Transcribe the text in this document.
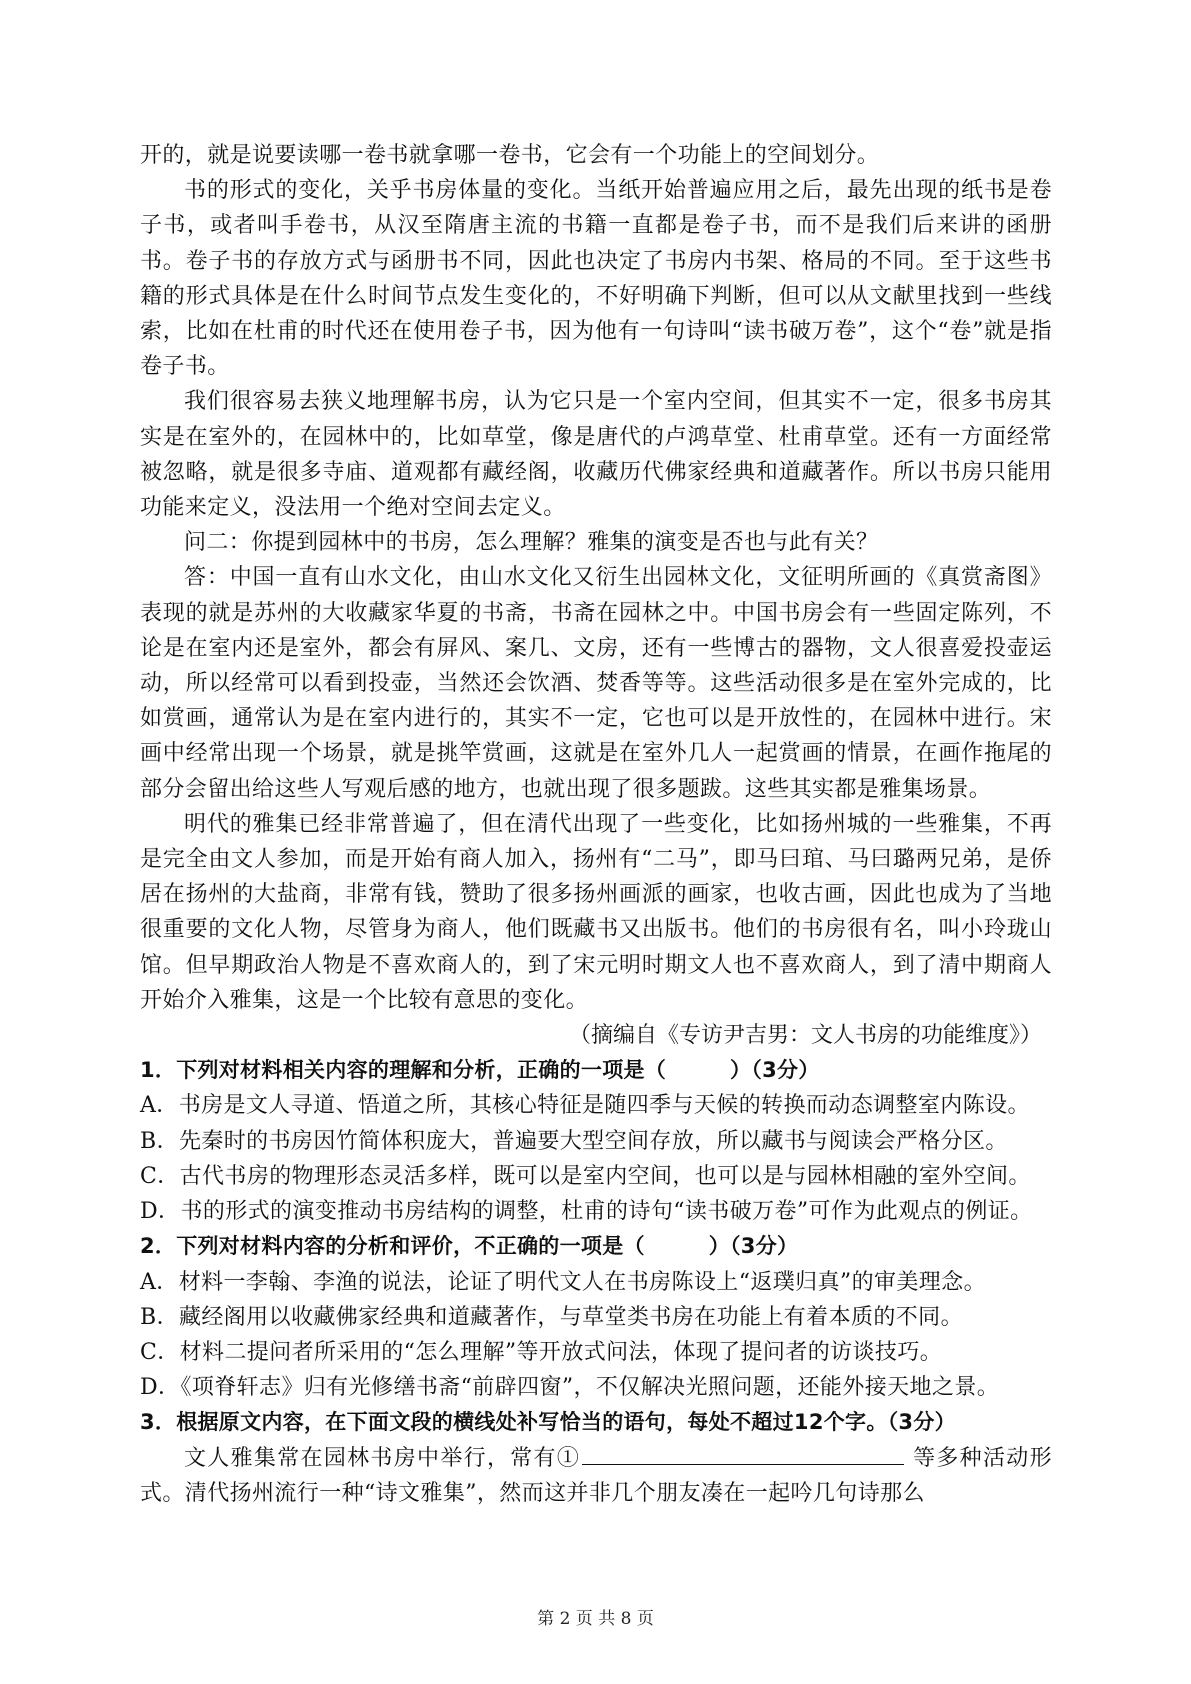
开的，就是说要读哪一卷书就拿哪一卷书，它会有一个功能上的空间划分。

书的形式的变化，关乎书房体量的变化。当纸开始普遍应用之后，最先出现的纸书是卷子书，或者叫手卷书，从汉至隋唐主流的书籍一直都是卷子书，而不是我们后来讲的函册书。卷子书的存放方式与函册书不同，因此也决定了书房内书架、格局的不同。至于这些书籍的形式具体是在什么时间节点发生变化的，不好明确下判断，但可以从文献里找到一些线索，比如在杜甫的时代还在使用卷子书，因为他有一句诗叫“读书破万卷”，这个“卷”就是指卷子书。

我们很容易去狭义地理解书房，认为它只是一个室内空间，但其实不一定，很多书房其实是在室外的，在园林中的，比如草堂，像是唐代的卢鸿草堂、杜甫草堂。还有一方面经常被忽略，就是很多寺庙、道观都有藏经阁，收藏历代佛家经典和道藏著作。所以书房只能用功能来定义，没法用一个绝对空间去定义。

问二：你提到园林中的书房，怎么理解？雅集的演变是否也与此有关？

答：中国一直有山水文化，由山水文化又衍生出园林文化，文征明所画的《真赏斋图》表现的就是苏州的大收藏家华夏的书斋，书斋在园林之中。中国书房会有一些固定陈列，不论是在室内还是室外，都会有屏风、案几、文房，还有一些博古的器物，文人很喜爱投壶运动，所以经常可以看到投壶，当然还会饮酒、焚香等等。这些活动很多是在室外完成的，比如赏画，通常认为是在室内进行的，其实不一定，它也可以是开放性的，在园林中进行。宋画中经常出现一个场景，就是挑竿赏画，这就是在室外几人一起赏画的情景，在画作拖尾的部分会留出给这些人写观后感的地方，也就出现了很多题跋。这些其实都是雅集场景。

明代的雅集已经非常普遍了，但在清代出现了一些变化，比如扬州城的一些雅集，不再是完全由文人参加，而是开始有商人加入，扬州有“二马”，即马曰琯、马曰璐两兄弟，是侨居在扬州的大盐商，非常有钱，赞助了很多扬州画派的画家，也收古画，因此也成为了当地很重要的文化人物，尽管身为商人，他们既藏书又出版书。他们的书房很有名，叫小玲珑山馆。但早期政治人物是不喜欢商人的，到了宋元明时期文人也不喜欢商人，到了清中期商人开始介入雅集，这是一个比较有意思的变化。

（摘编自《专访尹吉男：文人书房的功能维度》）

1．下列对材料相关内容的理解和分析，正确的一项是（　　　）（3分）

A．书房是文人寻道、悟道之所，其核心特征是随四季与天候的转换而动态调整室内陈设。

B．先秦时的书房因竹简体积庞大，普遍要大型空间存放，所以藏书与阅读会严格分区。

C．古代书房的物理形态灵活多样，既可以是室内空间，也可以是与园林相融的室外空间。

D．书的形式的演变推动书房结构的调整，杜甫的诗句“读书破万卷”可作为此观点的例证。

2．下列对材料内容的分析和评价，不正确的一项是（　　　）（3分）

A．材料一李翰、李渔的说法，论证了明代文人在书房陈设上“返璞归真”的审美理念。

B．藏经阁用以收藏佛家经典和道藏著作，与草堂类书房在功能上有着本质的不同。

C．材料二提问者所采用的“怎么理解”等开放式问法，体现了提问者的访谈技巧。

D．《项脊轩志》归有光修缮书斋“前辟四窗”，不仅解决光照问题，还能外接天地之景。

3．根据原文内容，在下面文段的横线处补写恰当的语句，每处不超过12个字。（3分）

文人雅集常在园林书房中举行，常有①	等多种活动形式。清代扬州流行一种“诗文雅集”，然而这并非几个朋友凑在一起吟几句诗那么

第 2 页 共 8 页
